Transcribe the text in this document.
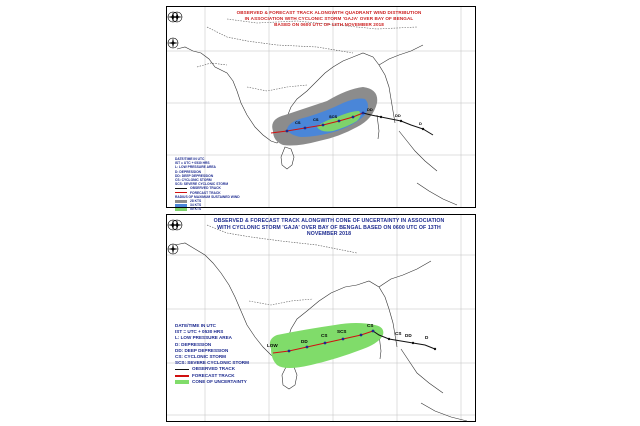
CS
CS
SCS
DD
DD
D
OBSERVED & FORECAST TRACK ALONGWITH QUADRANT WIND DISTRIBUTION
IN ASSOCIATION WITH CYCLONIC STORM 'GAJA' OVER BAY OF BENGAL
BASED ON 0600 UTC OF 13TH NOVEMBER 2018
DATE/TIME IN UTC
IST = UTC + 0530 HRS
L: LOW PRESSURE AREA
D: DEPRESSION
DD: DEEP DEPRESSION
CS: CYCLONIC STORM
SCS: SEVERE CYCLONIC STORM
OBSERVED TRACK
FORECAST TRACK
RADIUS OF MAXIMUM SUSTAINED WIND
28 KTS
34 KTS
50 KTS
CS
CS
DD
SCS	CS DD	D
LOW
OBSERVED & FORECAST TRACK ALONGWITH CONE OF UNCERTAINTY IN ASSOCIATION
WITH CYCLONIC STORM 'GAJA' OVER BAY OF BENGAL BASED ON 0600 UTC OF 13TH
NOVEMBER 2018
DATE/TIME IN UTC
IST = UTC + 0530 HRS
L: LOW PRESSURE AREA
D: DEPRESSION
DD: DEEP DEPRESSION
CS: CYCLONIC STORM
SCS: SEVERE CYCLONIC STORM
OBSERVED TRACK
FORECAST TRACK
CONE OF UNCERTAINTY
